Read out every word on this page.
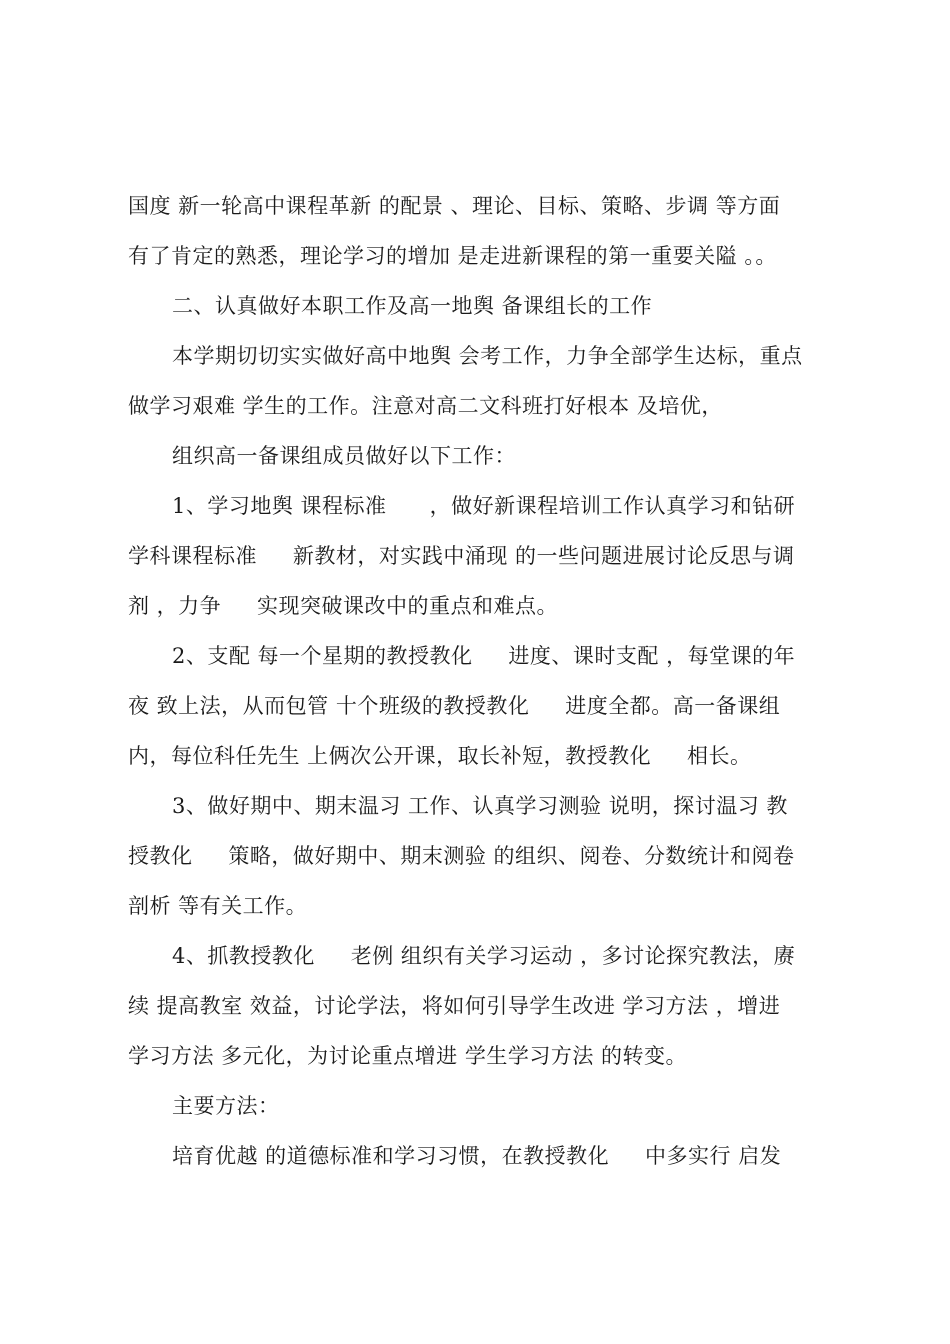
国度 新一轮高中课程革新 的配景 、理论、目标、策略、步调 等方面
有了肯定的熟悉，理论学习的增加 是走进新课程的第一重要关隘 。。
二、认真做好本职工作及高一地舆 备课组长的工作
本学期切切实实做好高中地舆 会考工作，力争全部学生达标，重点
做学习艰难 学生的工作。注意对高二文科班打好根本 及培优，
组织高一备课组成员做好以下工作：
1、学习地舆 课程标准      ，做好新课程培训工作认真学习和钻研
学科课程标准     新教材，对实践中涌现 的一些问题进展讨论反思与调
剂 ，力争     实现突破课改中的重点和难点。
2、支配 每一个星期的教授教化     进度、课时支配 ，每堂课的年
夜 致上法，从而包管 十个班级的教授教化     进度全都。高一备课组
内，每位科任先生 上俩次公开课，取长补短，教授教化     相长。
3、做好期中、期末温习 工作、认真学习测验 说明，探讨温习 教
授教化     策略，做好期中、期末测验 的组织、阅卷、分数统计和阅卷
剖析 等有关工作。
4、抓教授教化     老例 组织有关学习运动 ，多讨论探究教法，赓
续 提高教室 效益，讨论学法，将如何引导学生改进 学习方法 ，增进
学习方法 多元化，为讨论重点增进 学生学习方法 的转变。
主要方法：
培育优越 的道德标准和学习习惯，在教授教化     中多实行 启发
